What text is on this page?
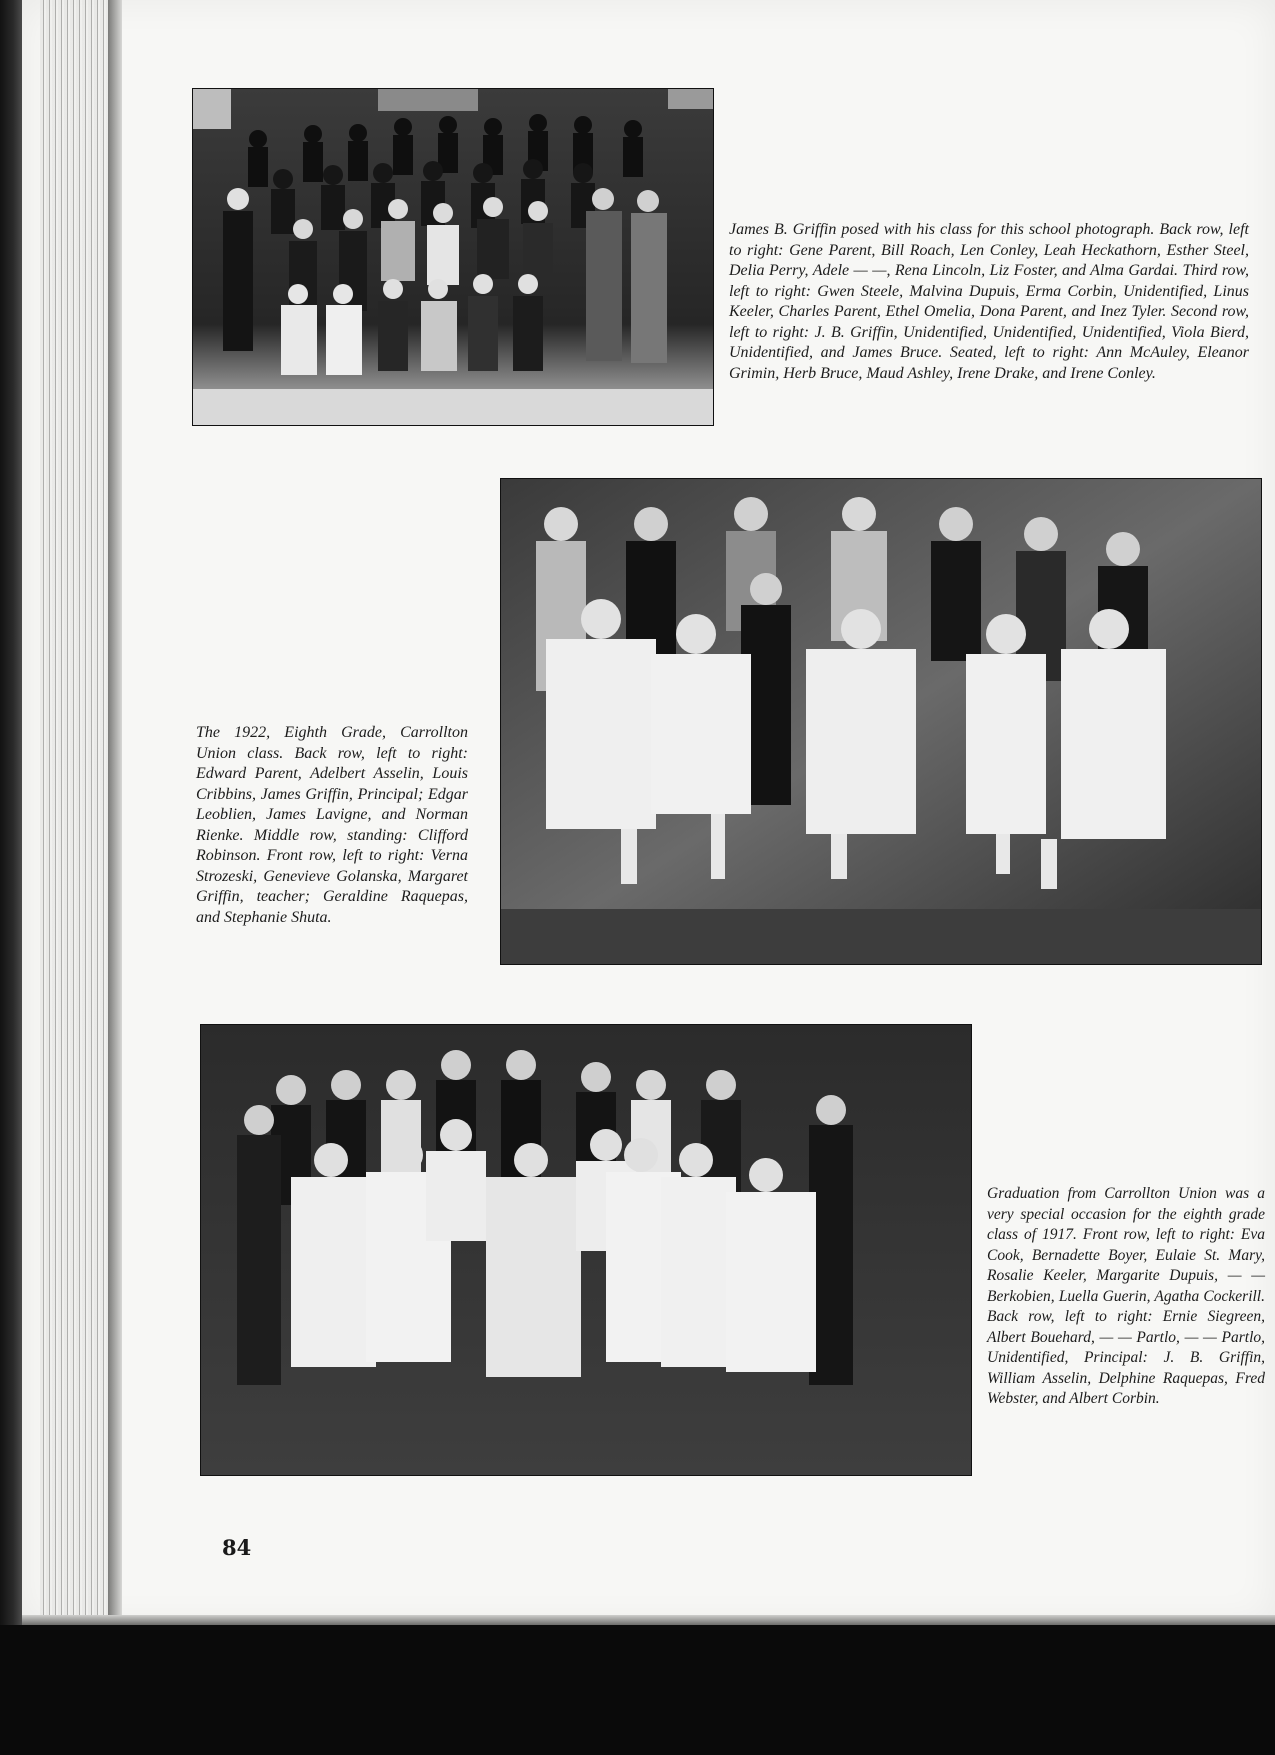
James B. Griffin posed with his class for this school photograph. Back row, left to right: Gene Parent, Bill Roach, Len Conley, Leah Heckathorn, Esther Steel, Delia Perry, Adele — —, Rena Lincoln, Liz Foster, and Alma Gardai. Third row, left to right: Gwen Steele, Malvina Dupuis, Erma Corbin, Unidentified, Linus Keeler, Charles Parent, Ethel Omelia, Dona Parent, and Inez Tyler. Second row, left to right: J. B. Griffin, Unidentified, Unidentified, Unidentified, Viola Bierd, Unidentified, and James Bruce. Seated, left to right: Ann McAuley, Eleanor Grimin, Herb Bruce, Maud Ashley, Irene Drake, and Irene Conley.
The 1922, Eighth Grade, Carrollton Union class. Back row, left to right: Edward Parent, Adelbert Asselin, Louis Cribbins, James Griffin, Principal; Edgar Leoblien, James Lavigne, and Norman Rienke. Middle row, standing: Clifford Robinson. Front row, left to right: Verna Strozeski, Genevieve Golanska, Margaret Griffin, teacher; Geraldine Raquepas, and Stephanie Shuta.
Graduation from Carrollton Union was a very special occasion for the eighth grade class of 1917. Front row, left to right: Eva Cook, Bernadette Boyer, Eulaie St. Mary, Rosalie Keeler, Margarite Dupuis, — — Berkobien, Luella Guerin, Agatha Cockerill. Back row, left to right: Ernie Siegreen, Albert Bouehard, — — Partlo, — — Partlo, Unidentified, Principal: J. B. Griffin, William Asselin, Delphine Raquepas, Fred Webster, and Albert Corbin.
84
